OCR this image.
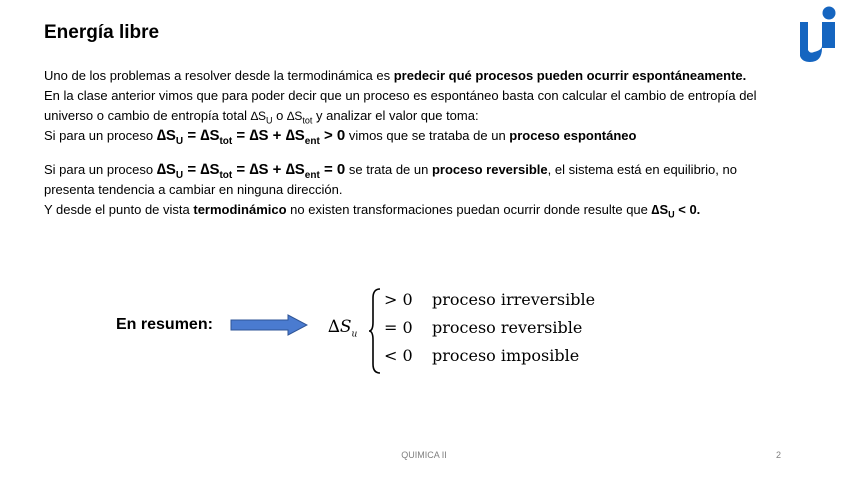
Energía libre

Uno de los problemas a resolver desde la termodinámica es predecir qué procesos pueden ocurrir espontáneamente.

En la clase anterior vimos que para poder decir que un proceso es espontáneo basta con calcular el cambio de entropía del universo o cambio de entropía total $\Delta S_U$ o $\Delta S_{tot}$ y analizar el valor que toma:

Si para un proceso $\Delta S_U = \Delta S_{tot} = \Delta S + \Delta S_{ent} > 0$ vimos que se trataba de un proceso espontáneo

Si para un proceso $\Delta S_U = \Delta S_{tot} = \Delta S + \Delta S_{ent} = 0$ se trata de un proceso reversible, el sistema está en equilibrio, no presenta tendencia a cambiar en ninguna dirección.

Y desde el punto de vista termodinámico no existen transformaciones puedan ocurrir donde resulte que $\Delta S_U < 0$.

En resumen:	$\Delta S_u$
> 0 proceso irreversible
= 0 proceso reversible
< 0 proceso imposible
QUIMICA II	2
